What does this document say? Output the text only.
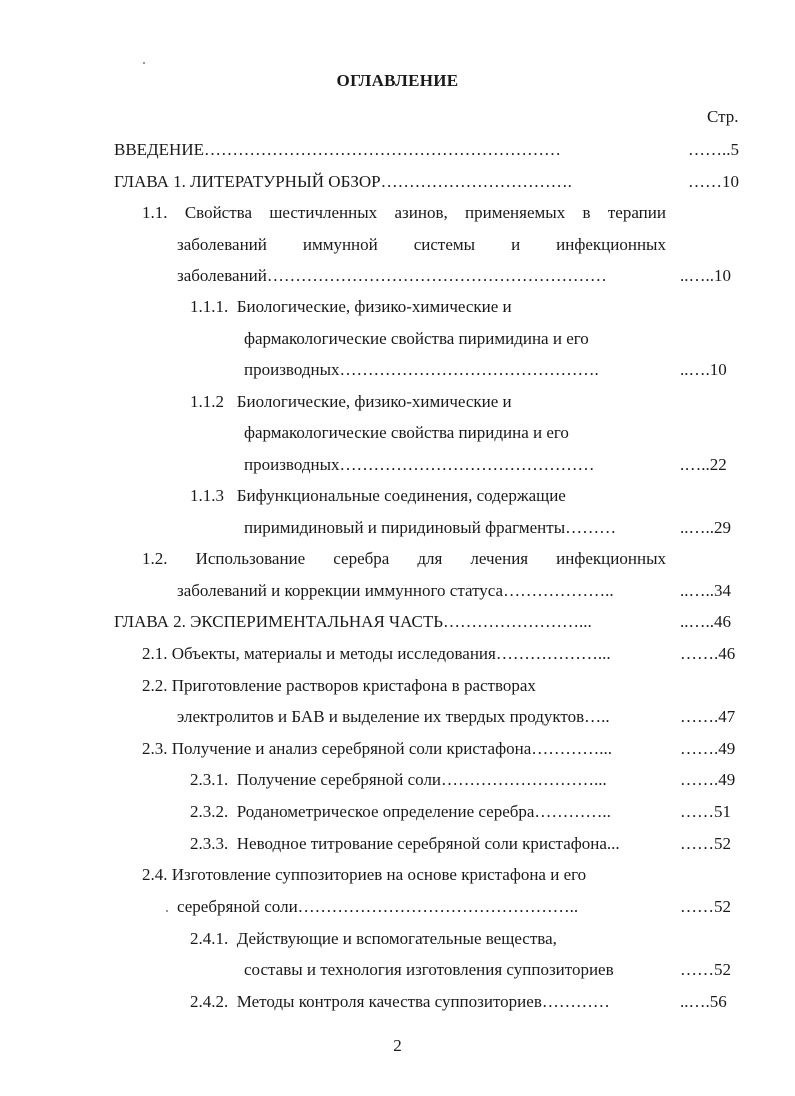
ОГЛАВЛЕНИЕ
Стр.
ВВЕДЕНИЕ………………………………………………………	……..5
ГЛАВА 1. ЛИТЕРАТУРНЫЙ ОБЗОР…………………………….	……10
1.1. Свойства шестичленных азинов, применяемых в терапии
заболеваний иммунной системы и инфекционных
заболеваний……………………………………………………	..…..10
1.1.1.  Биологические, физико-химические и
фармакологические свойства пиримидина и его
производных……………………………………….	..….10
1.1.2   Биологические, физико-химические и
фармакологические свойства пиридина и его
производных………………………………………	.…..22
1.1.3   Бифункциональные соединения, содержащие
пиримидиновый и пиридиновый фрагменты………	..…..29
1.2. Использование серебра для лечения инфекционных
заболеваний и коррекции иммунного статуса………………..	..…..34
ГЛАВА 2. ЭКСПЕРИМЕНТАЛЬНАЯ ЧАСТЬ……………………...	..…..46
2.1. Объекты, материалы и методы исследования………………...	…….46
2.2. Приготовление растворов кристафона в растворах
электролитов и БАВ и выделение их твердых продуктов…..	…….47
2.3. Получение и анализ серебряной соли кристафона…………...	…….49
2.3.1.  Получение серебряной соли………………………...	…….49
2.3.2.  Роданометрическое определение серебра…………..	……51
2.3.3.  Неводное титрование серебряной соли кристафона...	……52
2.4. Изготовление суппозиториев на основе кристафона и его
серебряной соли…………………………………………..	……52
2.4.1.  Действующие и вспомогательные вещества,
составы и технология изготовления суппозиториев	……52
2.4.2.  Методы контроля качества суппозиториев…………	..….56
2
